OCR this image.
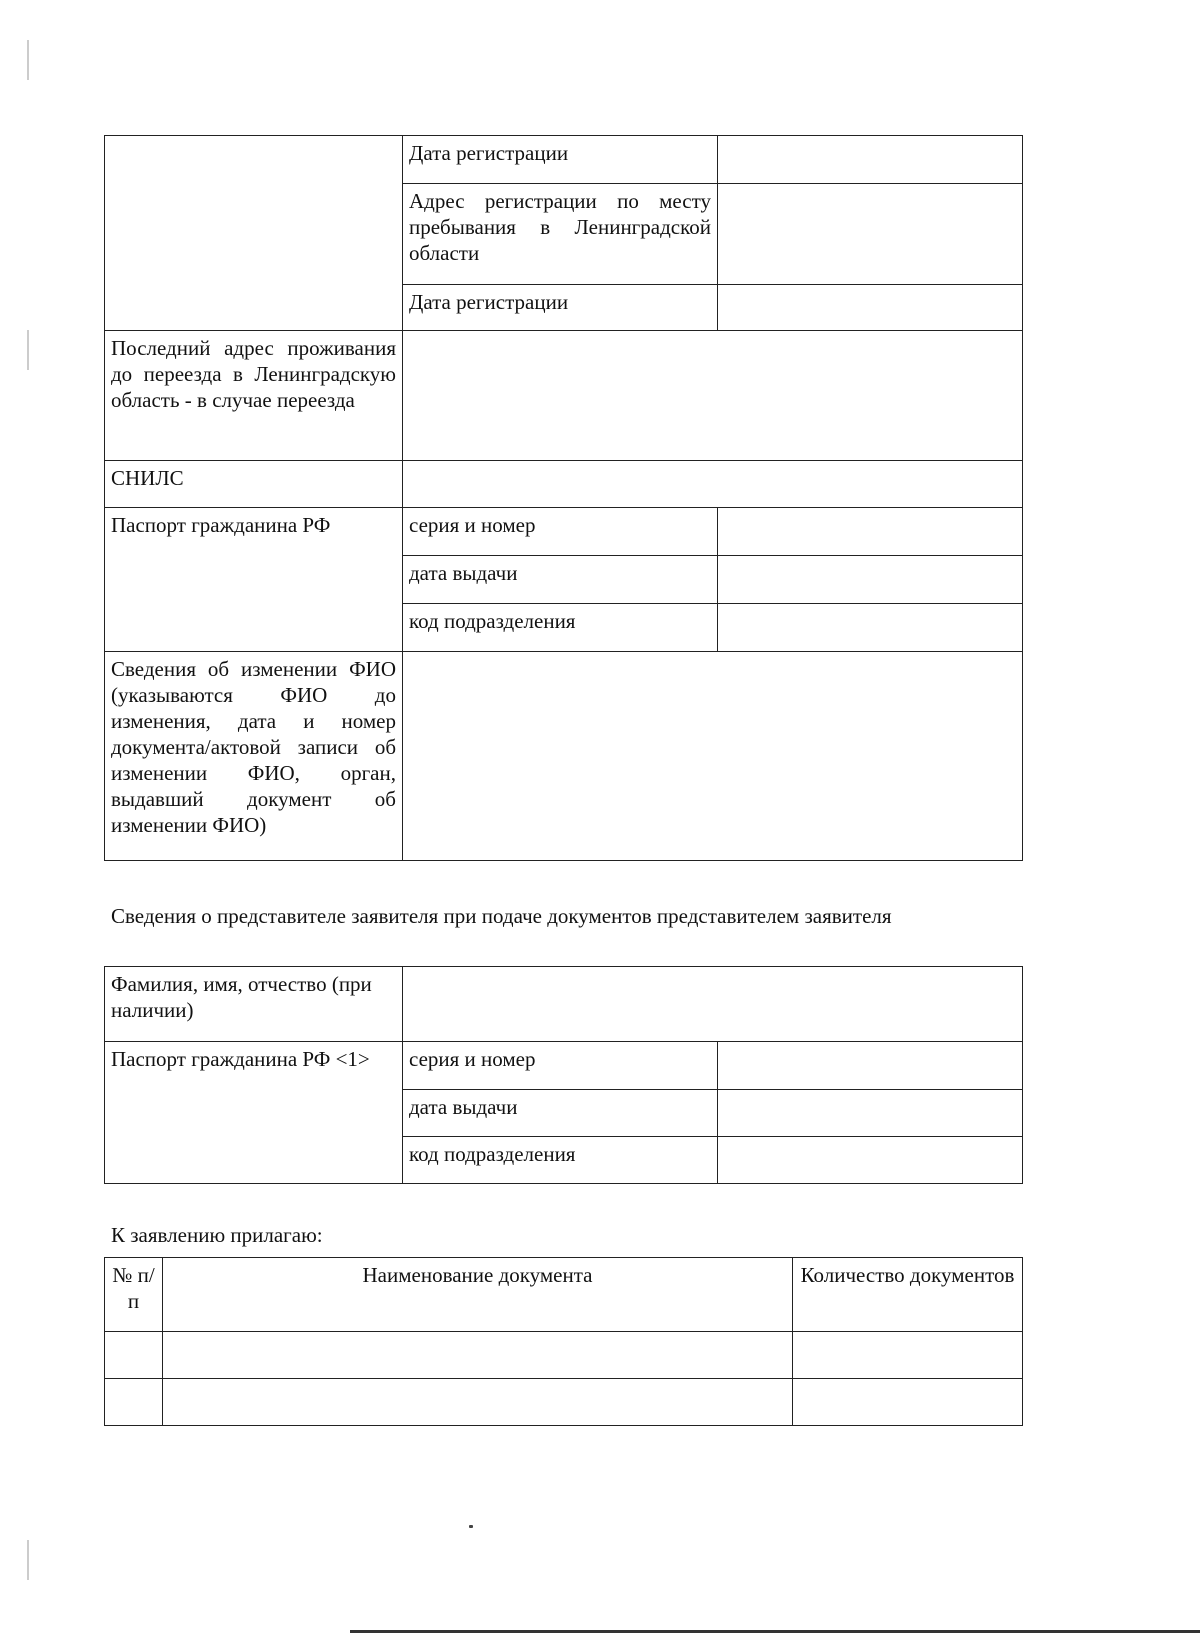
	Дата регистрации	
	Адрес регистрации по месту пребывания в Ленинградской области	
	Дата регистрации	
Последний адрес проживания до переезда в Ленинградскую область - в случае переезда		
СНИЛС		
Паспорт гражданина РФ	серия и номер	
	дата выдачи	
	код подразделения	
Сведения об изменении ФИО (указываются ФИО до изменения, дата и номер документа/актовой записи об изменении ФИО, орган, выдавший документ об изменении ФИО)		
Сведения о представителе заявителя при подаче документов представителем заявителя
Фамилия, имя, отчество (при наличии)		
Паспорт гражданина РФ <1>	серия и номер	
	дата выдачи	
	код подразделения	
К заявлению прилагаю:
№ п/п	Наименование документа	Количество документов
